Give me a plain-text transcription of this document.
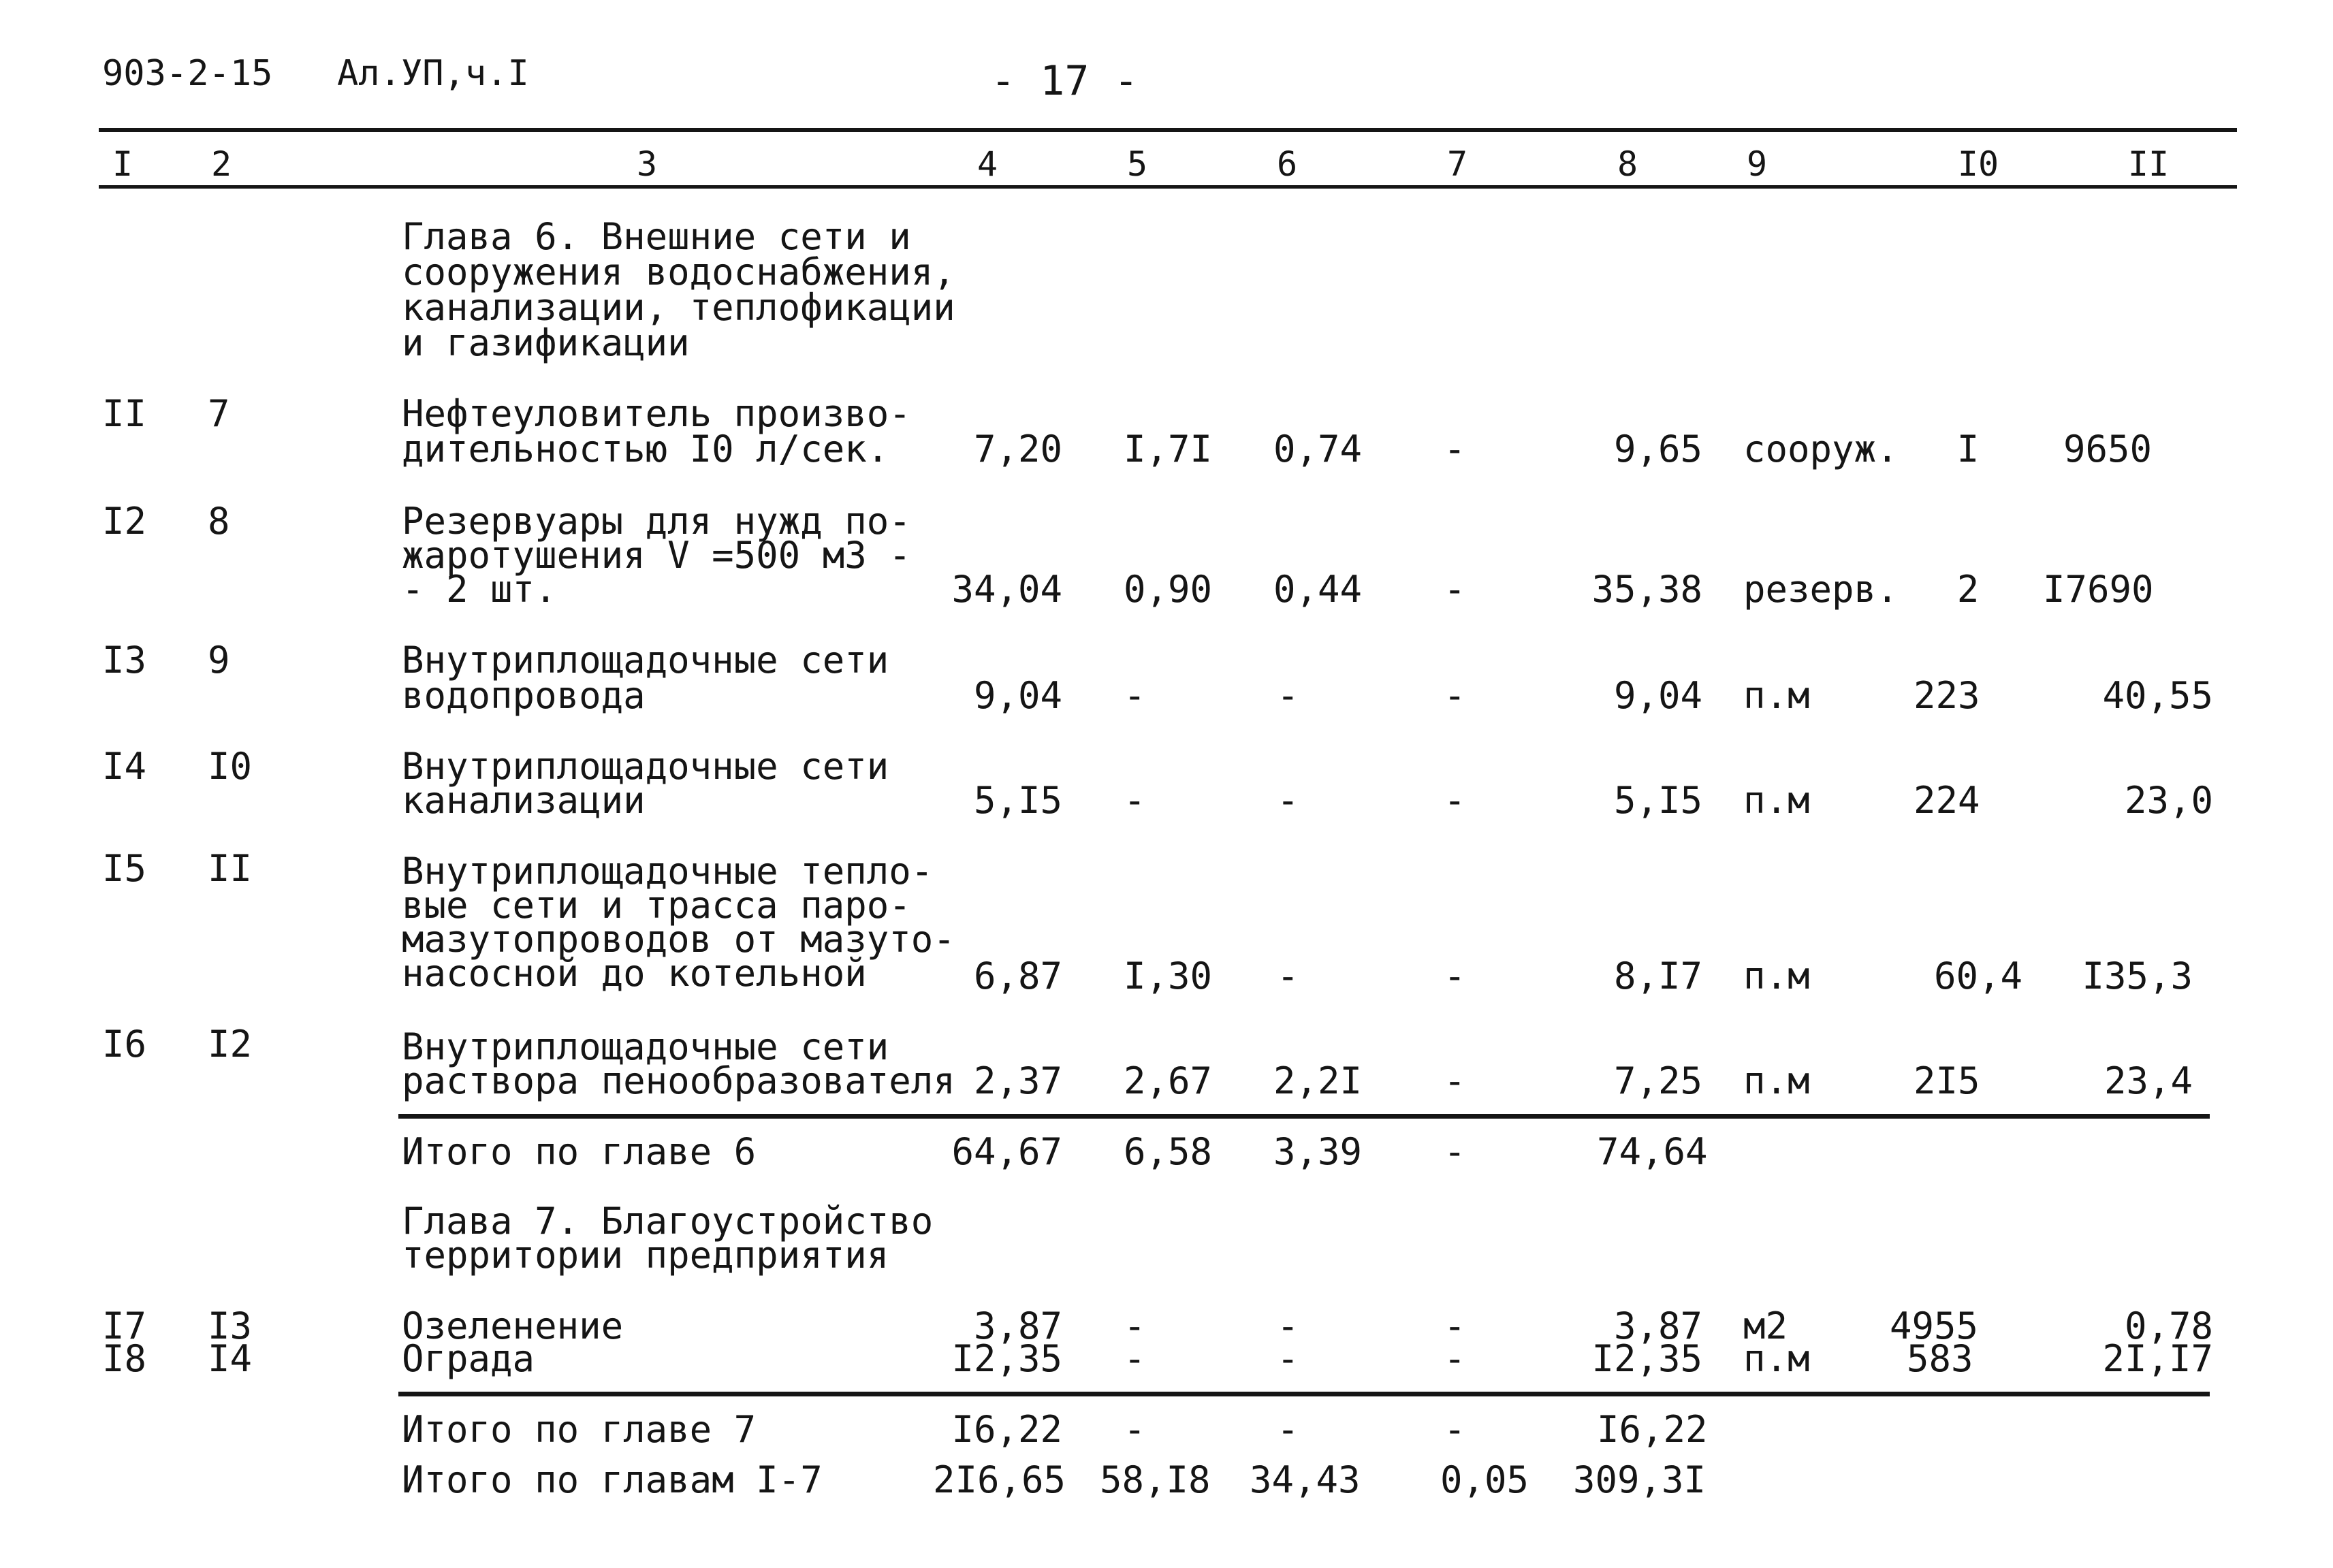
903-2-15 Ал.УП,ч.I	- 17 -
I 2	3	4	5	6	7	8	9	I0	II
Глава 6. Внешние сети и
сооружения водоснабжения,
канализации, теплофикации
и газификации
II 7	Нефтеуловитель произво-
дительностью I0 л/сек.	7,20 I,7I 0,74 -	9,65 сооруж.	I	9650
I2 8	Резервуары для нужд по-
жаротушения V =500 м3 -
- 2 шт.	34,04 0,90 0,44 -	35,38 резерв.	2	I7690
I3 9	Внутриплощадочные сети
водопровода	9,04 -	-	-	9,04 п.м	223	40,55
I4 I0	Внутриплощадочные сети
канализации	5,I5 -	-	-	5,I5 п.м	224	23,0
I5 II	Внутриплощадочные тепло-
вые сети и трасса паро-
мазутопроводов от мазуто-
насосной до котельной	6,87 I,30 -	-	8,I7 п.м	60,4	I35,3
I6 I2	Внутриплощадочные сети
раствора пенообразователя 2,37 2,67 2,2I -	7,25 п.м	2I5	23,4
Итого по главе 6	64,67 6,58 3,39 -	74,64
Глава 7. Благоустройство
территории предприятия
I7 I3	Озеленение	3,87 -	-	-	3,87 м2	4955	0,78
I8 I4	Ограда	I2,35 -	-	-	I2,35 п.м	583	2I,I7
Итого по главе 7	I6,22 -	-	-	I6,22
Итого по главам I-7	2I6,65 58,I8 34,43 0,05 309,3I
